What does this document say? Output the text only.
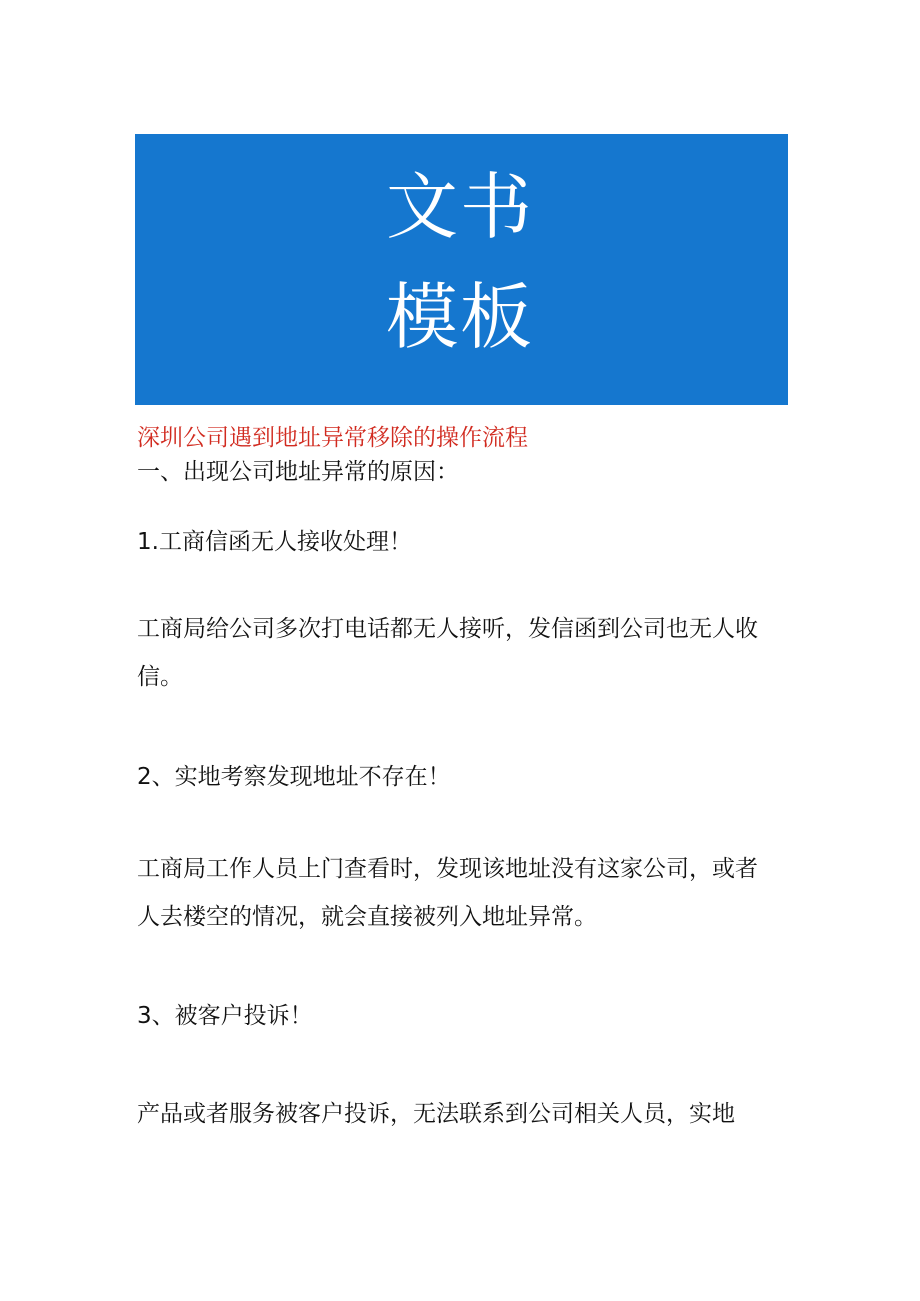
文书
模板

深圳公司遇到地址异常移除的操作流程

一、出现公司地址异常的原因：

1.工商信函无人接收处理！

工商局给公司多次打电话都无人接听，发信函到公司也无人收

信。

2、实地考察发现地址不存在！

工商局工作人员上门查看时，发现该地址没有这家公司，或者

人去楼空的情况，就会直接被列入地址异常。

3、被客户投诉！

产品或者服务被客户投诉，无法联系到公司相关人员，实地
